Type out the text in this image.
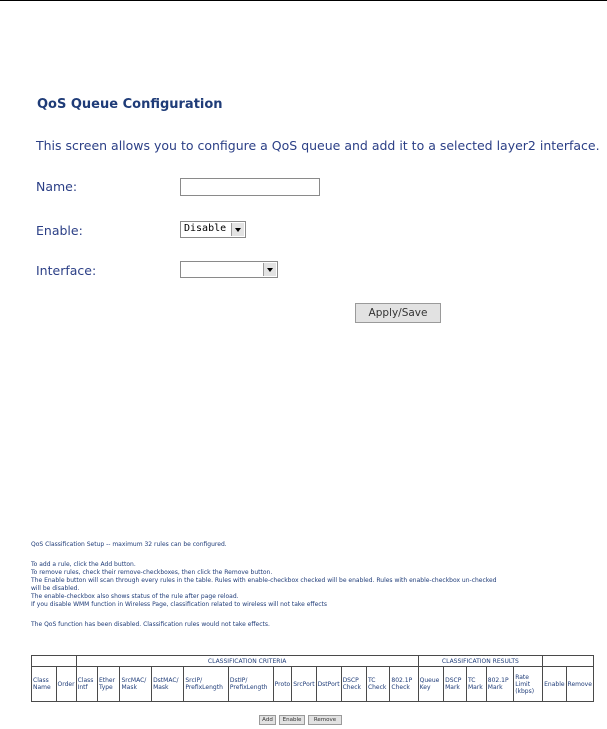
QoS Queue Configuration
This screen allows you to configure a QoS queue and add it to a selected layer2 interface.
Name:
Enable:	Disable
Interface:
Apply/Save
QoS Classification Setup -- maximum 32 rules can be configured.
To add a rule, click the Add button.
To remove rules, check their remove-checkboxes, then click the Remove button.
The Enable button will scan through every rules in the table. Rules with enable-checkbox checked will be enabled. Rules with enable-checkbox un-checked
will be disabled.
The enable-checkbox also shows status of the rule after page reload.
If you disable WMM function in Wireless Page, classification related to wireless will not take effects
The QoS function has been disabled. Classification rules would not take effects.
		CLASSIFICATION CRITERIA												CLASSIFICATION RESULTS						
Class Name	Order	Class Intf	Ether Type	SrcMAC/ Mask	DstMAC/ Mask	SrcIP/ PrefixLength	DstIP/ PrefixLength	Proto	SrcPort	DstPort	DSCP Check	TC Check	802.1P Check	Queue Key	DSCP Mark	TC Mark	802.1P Mark	Rate Limit (kbps)	Enable	Remove
Add	Enable	Remove
